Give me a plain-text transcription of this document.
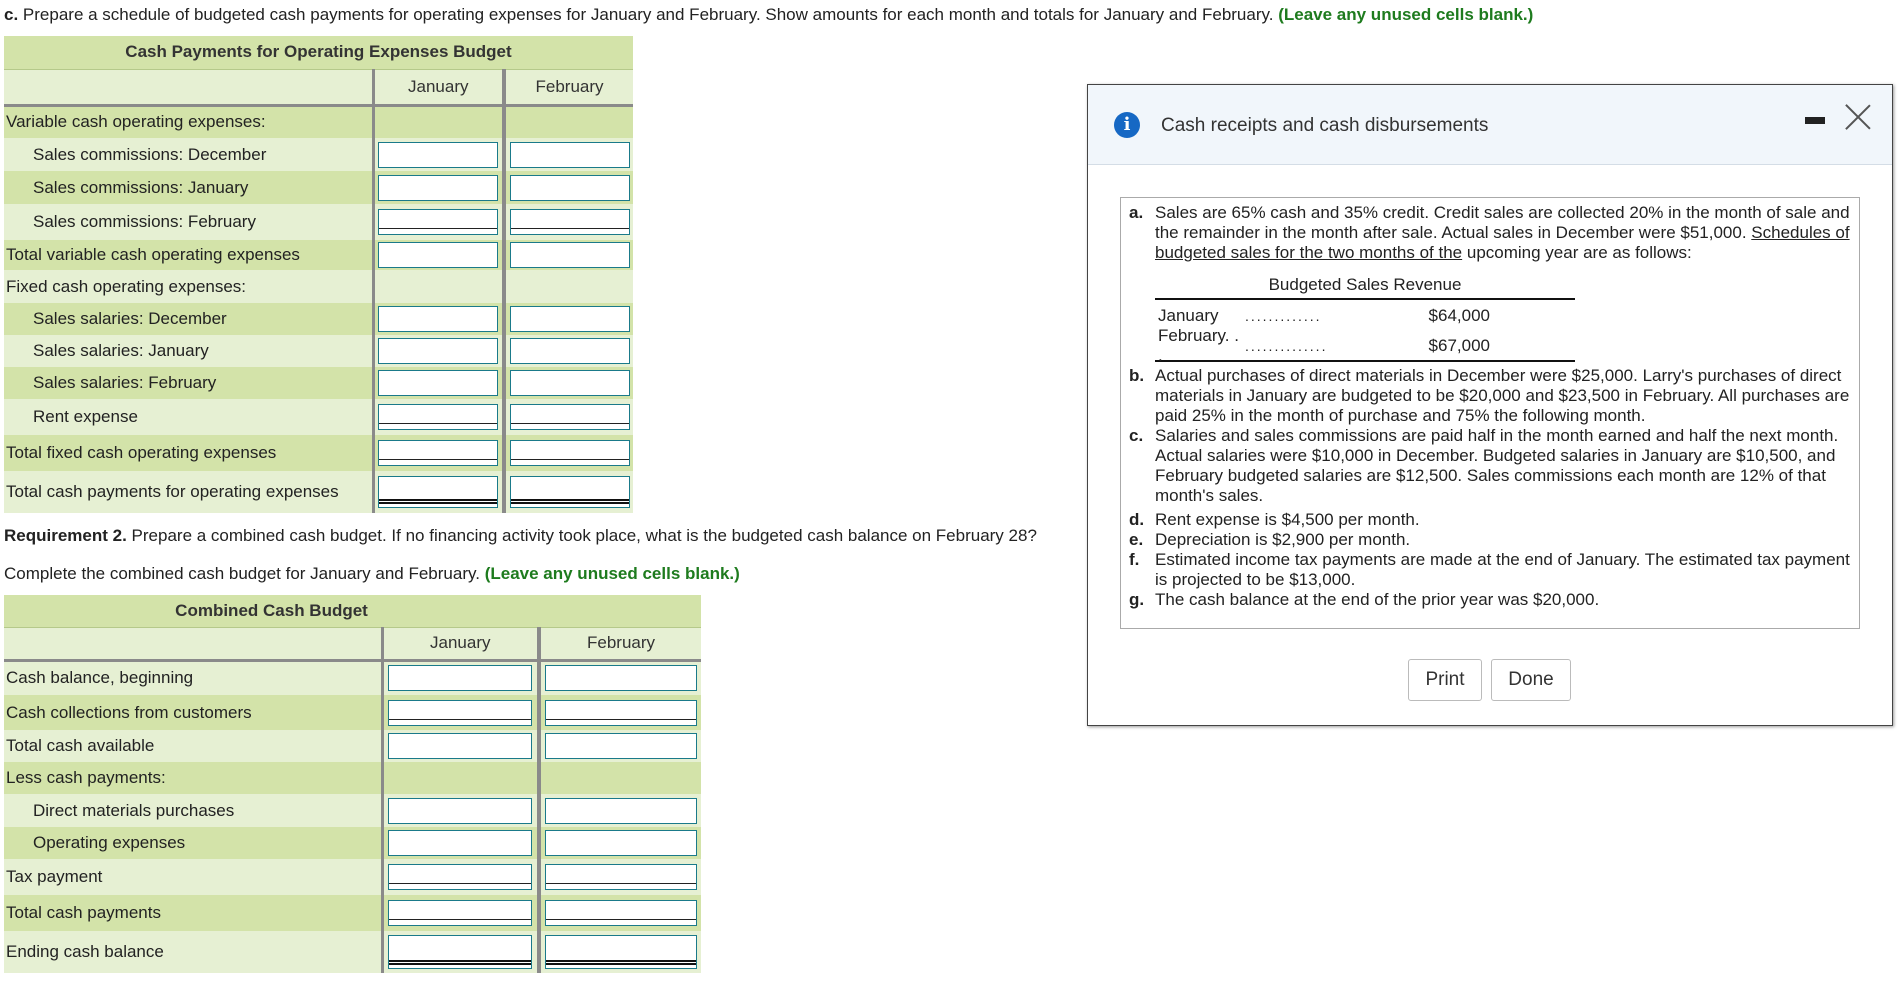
c. Prepare a schedule of budgeted cash payments for operating expenses for January and February. Show amounts for each month and totals for January and February. (Leave any unused cells blank.)
Cash Payments for Operating Expenses Budget		
	January	February
Variable cash operating expenses:		
Sales commissions: December	

Sales commissions: January	

Sales commissions: February	

Total variable cash operating expenses	

Fixed cash operating expenses:		
Sales salaries: December	

Sales salaries: January	

Sales salaries: February	

Rent expense	

Total fixed cash operating expenses	

Total cash payments for operating expenses	

Requirement 2. Prepare a combined cash budget. If no financing activity took place, what is the budgeted cash balance on February 28?
Complete the combined cash budget for January and February. (Leave any unused cells blank.)
Combined Cash Budget		
	January	February
Cash balance, beginning	

Cash collections from customers	

Total cash available	

Less cash payments:		
Direct materials purchases	

Operating expenses	

Tax payment	

Total cash payments	

Ending cash balance	

i	Cash receipts and cash disbursements
a. Sales are 65% cash and 35% credit. Credit sales are collected 20% in the month of sale and the remainder in the month after sale. Actual sales in December were $51,000. Schedules of budgeted sales for the two months of the upcoming year are as follows:
Budgeted Sales Revenue
January	.............	$64,000
February. . .	..............	$67,000
b. Actual purchases of direct materials in December were $25,000. Larry's purchases of direct materials in January are budgeted to be $20,000 and $23,500 in February. All purchases are paid 25% in the month of purchase and 75% the following month.
c. Salaries and sales commissions are paid half in the month earned and half the next month. Actual salaries were $10,000 in December. Budgeted salaries in January are $10,500, and February budgeted salaries are $12,500. Sales commissions each month are 12% of that month's sales.
d. Rent expense is $4,500 per month.
e. Depreciation is $2,900 per month.
f. Estimated income tax payments are made at the end of January. The estimated tax payment is projected to be $13,000.
g. The cash balance at the end of the prior year was $20,000.
Print	Done
